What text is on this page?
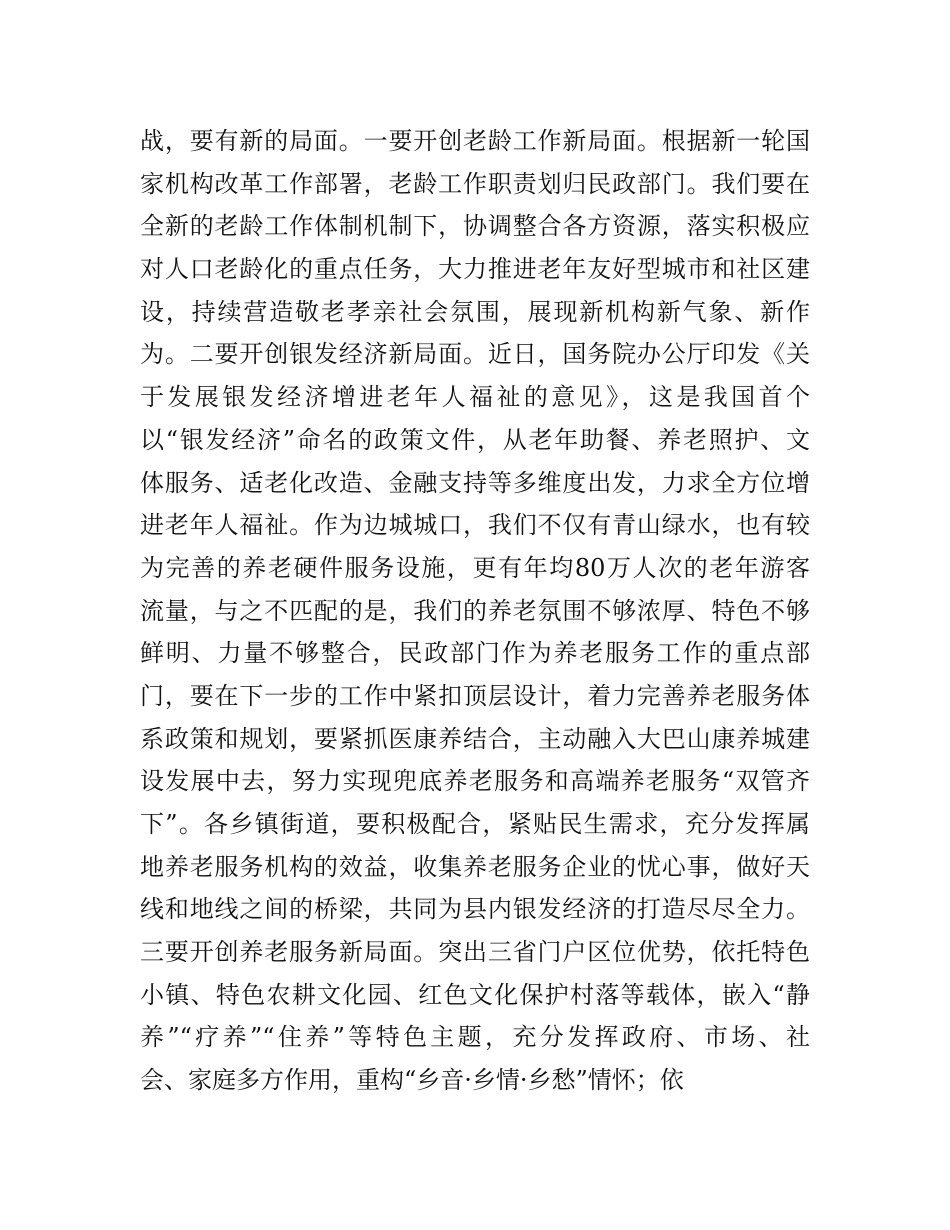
战，要有新的局面。一要开创老龄工作新局面。根据新一轮国
家机构改革工作部署，老龄工作职责划归民政部门。我们要在
全新的老龄工作体制机制下，协调整合各方资源，落实积极应
对人口老龄化的重点任务，大力推进老年友好型城市和社区建
设，持续营造敬老孝亲社会氛围，展现新机构新气象、新作
为。二要开创银发经济新局面。近日，国务院办公厅印发《关
于发展银发经济增进老年人福祉的意见》，这是我国首个
以“银发经济”命名的政策文件，从老年助餐、养老照护、文
体服务、适老化改造、金融支持等多维度出发，力求全方位增
进老年人福祉。作为边城城口，我们不仅有青山绿水，也有较
为完善的养老硬件服务设施，更有年均80万人次的老年游客
流量，与之不匹配的是，我们的养老氛围不够浓厚、特色不够
鲜明、力量不够整合，民政部门作为养老服务工作的重点部
门，要在下一步的工作中紧扣顶层设计，着力完善养老服务体
系政策和规划，要紧抓医康养结合，主动融入大巴山康养城建
设发展中去，努力实现兜底养老服务和高端养老服务“双管齐
下”。各乡镇街道，要积极配合，紧贴民生需求，充分发挥属
地养老服务机构的效益，收集养老服务企业的忧心事，做好天
线和地线之间的桥梁，共同为县内银发经济的打造尽尽全力。
三要开创养老服务新局面。突出三省门户区位优势，依托特色
小镇、特色农耕文化园、红色文化保护村落等载体，嵌入“静
养”“疗养”“住养”等特色主题，充分发挥政府、市场、社
会、家庭多方作用，重构“乡音·乡情·乡愁”情怀；依
